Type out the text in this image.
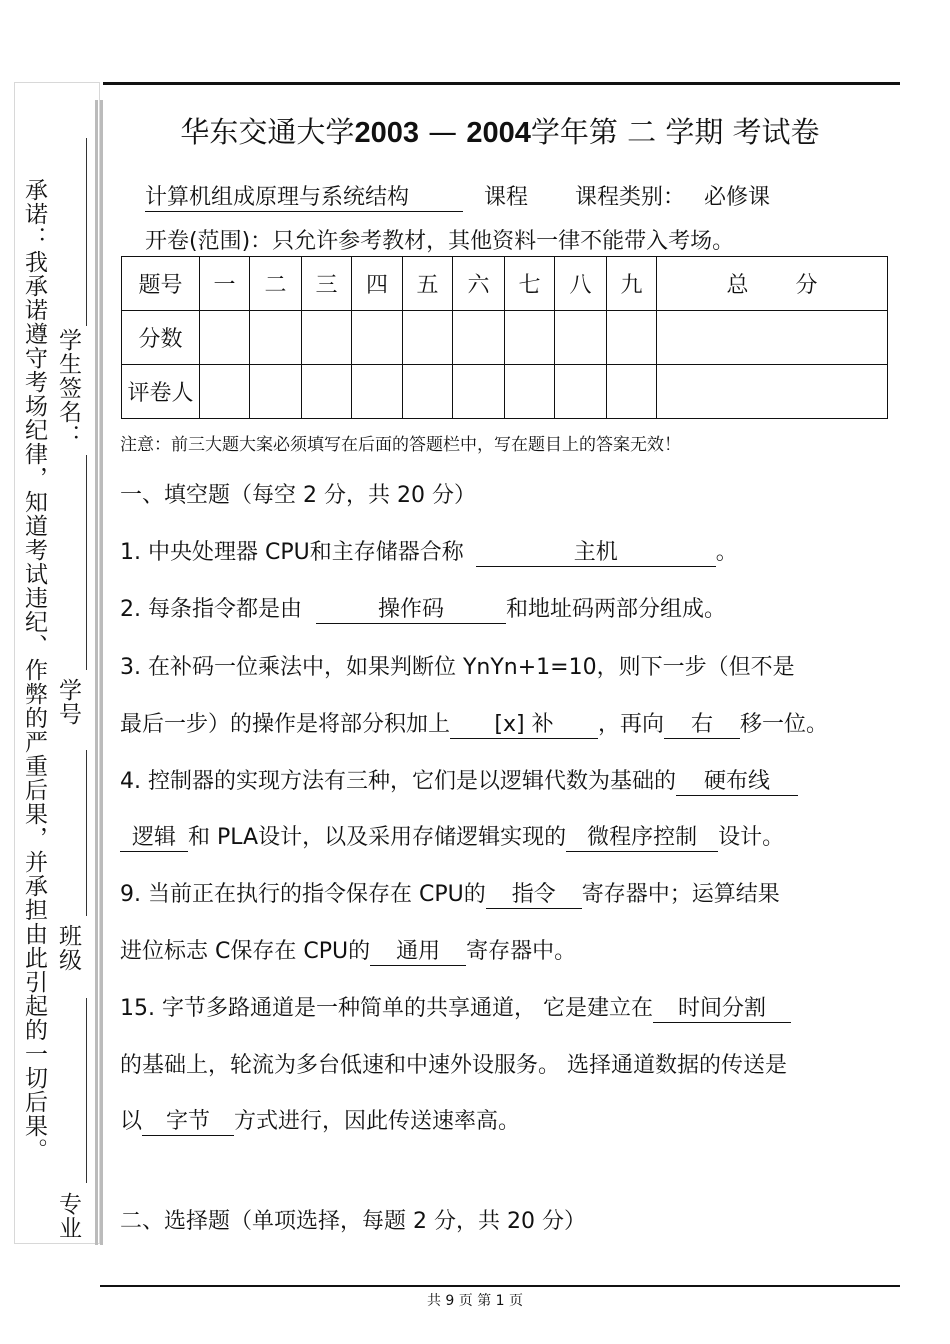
承诺：我承诺遵守考场纪律，知道考试违纪、作弊的严重后果，并承担由此引起的一切后果。 学生签名：
学号
班级
专业
华东交通大学2003 — 2004学年第 二 学期 考试卷
计算机组成原理与系统结构	课程 课程类别： 必修课
开卷(范围)：只允许参考教材，其他资料一律不能带入考场。
题号	一	二	三	四	五	六	七	八	九	总 分
分数										
评卷人										
注意：前三大题大案必须填写在后面的答题栏中，写在题目上的答案无效！
一、填空题（每空 2 分，共 20 分）
1. 中央处理器 CPU和主存储器合称	主机	。
2. 每条指令都是由	操作码	和地址码两部分组成。
3. 在补码一位乘法中，如果判断位 YnYn+1=10，则下一步（但不是
最后一步）的操作是将部分积加上 [x] 补 ，再向 右 移一位。
4. 控制器的实现方法有三种，它们是以逻辑代数为基础的 硬布线
逻辑 和 PLA设计，以及采用存储逻辑实现的 微程序控制 设计。
9. 当前正在执行的指令保存在 CPU的 指令 寄存器中；运算结果
进位标志 C保存在 CPU的 通用 寄存器中。
15. 字节多路通道是一种简单的共享通道， 它是建立在 时间分割
的基础上，轮流为多台低速和中速外设服务。 选择通道数据的传送是
以 字节 方式进行，因此传送速率高。
二、选择题（单项选择，每题 2 分，共 20 分）
共 9 页 第 1 页
